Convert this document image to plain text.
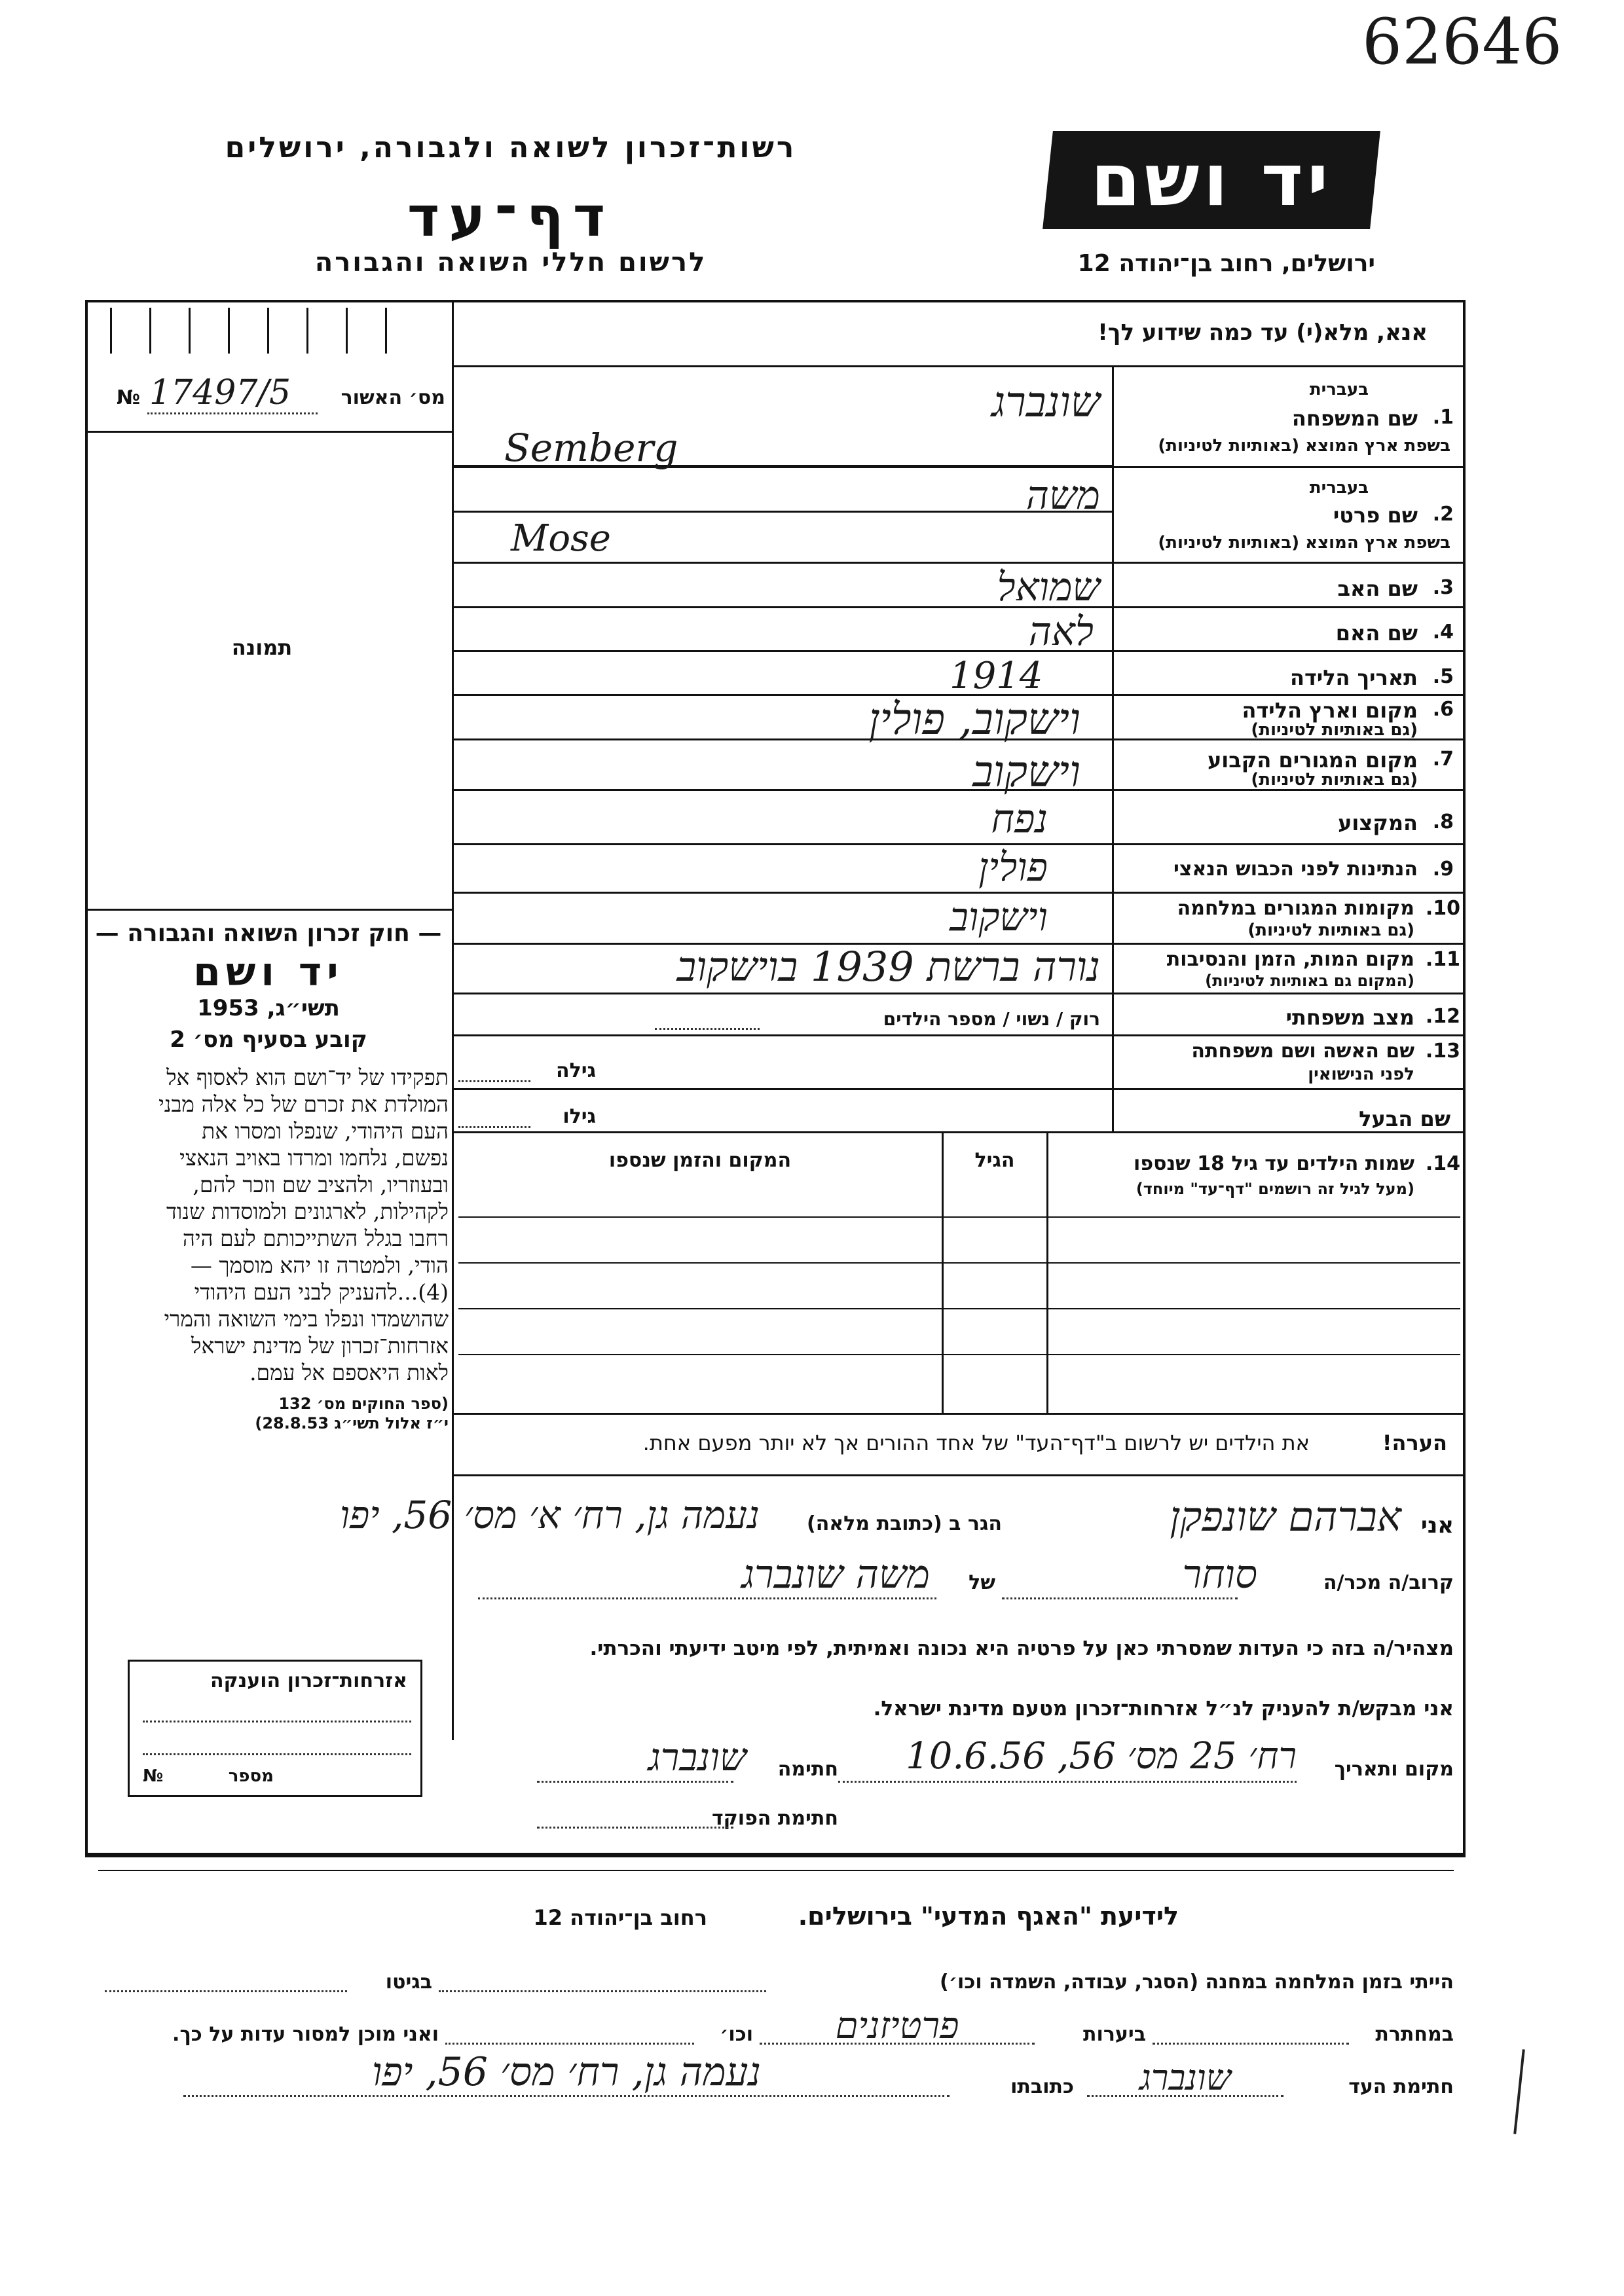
62646
רשות־זכרון לשואה ולגבורה, ירושלים
דף־עד
לרשום חללי השואה והגבורה
יד ושם
ירושלים, רחוב בן־יהודה 12
אנא, מלא(י) עד כמה שידוע לך!
№ 17497/5	מס׳ האשור
תמונה
1.
שם המשפחה
בעברית
בשפת ארץ המוצא (באותיות לטיניות)
שונברג
Semberg
2.
שם פרטי
בעברית
בשפת ארץ המוצא (באותיות לטיניות)
משה
Mose
3.
שם האב
שמואל
4.
שם האם
לאה
5.
תאריך הלידה
1914
6.
מקום וארץ הלידה
(גם באותיות לטיניות)
וישקוב, פולין
7.
מקום המגורים הקבוע
(גם באותיות לטיניות)
וישקוב
8.
המקצוע
נפח
9.
הנתינות לפני הכבוש הנאצי
פולין
10.
מקומות המגורים במלחמה
(גם באותיות לטיניות)
וישקוב
11.
מקום המות, הזמן והנסיבות
(המקום גם באותיות לטיניות)
נורה ברשת 1939 בוישקוב
12.
מצב משפחתי
רוק / נשוי / מספר הילדים
13.
שם האשה ושם משפחתה
לפני הנישואין
גילה
שם הבעל
גילו
— חוק זכרון השואה והגבורה —
יד ושם
תשי״ג, 1953
קובע בסעיף מס׳ 2
תפקידו של יד־ושם הוא לאסוף אל
המולדת את זכרם של כל אלה מבני
העם היהודי, שנפלו ומסרו את
נפשם, נלחמו ומרדו באויב הנאצי
ובעוזריו, ולהציב שם וזכר להם,
לקהילות, לארגונים ולמוסדות שנוד
רחבו בגלל השתייכותם לעם היה
הודי, ולמטרה זו יהא מוסמך —
(4)...להעניק לבני העם היהודי
שהושמדו ונפלו בימי השואה והמרי
אזרחות־זכרון של מדינת ישראל
לאות היאספם אל עמם.
(ספר החוקים מס׳ 132
י״ז אלול תשי״ג 28.8.53)
14.
שמות הילדים עד גיל 18 שנספו
(מעל לגיל זה רושמים "דף־עד" מיוחד)
הגיל
המקום והזמן שנספו
הערה!
את הילדים יש לרשום ב"דף־העד" של אחד ההורים אך לא יותר מפעם אחת.
אני
אברהם שונפקן
הגר ב (כתובת מלאה)
נעמה גן, רח׳ א׳ מס׳ 56, יפו
קרוב/ה מכר/ה
סוחר
של
משה שונברג
מצהיר/ה בזה כי העדות שמסרתי כאן על פרטיה היא נכונה ואמיתית, לפי מיטב ידיעתי והכרתי.
אני מבקש/ת להעניק לנ״ל אזרחות־זכרון מטעם מדינת ישראל.
מקום ותאריך
רח׳ 25 מס׳ 56, 10.6.56
חתימה
שונברג
חתימת הפוקד
אזרחות־זכרון הוענקה
№	מספר
לידיעת "האגף המדעי" בירושלים.
רחוב בן־יהודה 12
הייתי בזמן המלחמה במחנה (הסגר, עבודה, השמדה וכו׳)
בגיטו
במחתרת
ביערות
פרטיזנים
וכו׳
ואני מוכן למסור עדות על כך.
חתימת העד
שונברג
כתובתו
נעמה גן, רח׳ מס׳ 56, יפו
